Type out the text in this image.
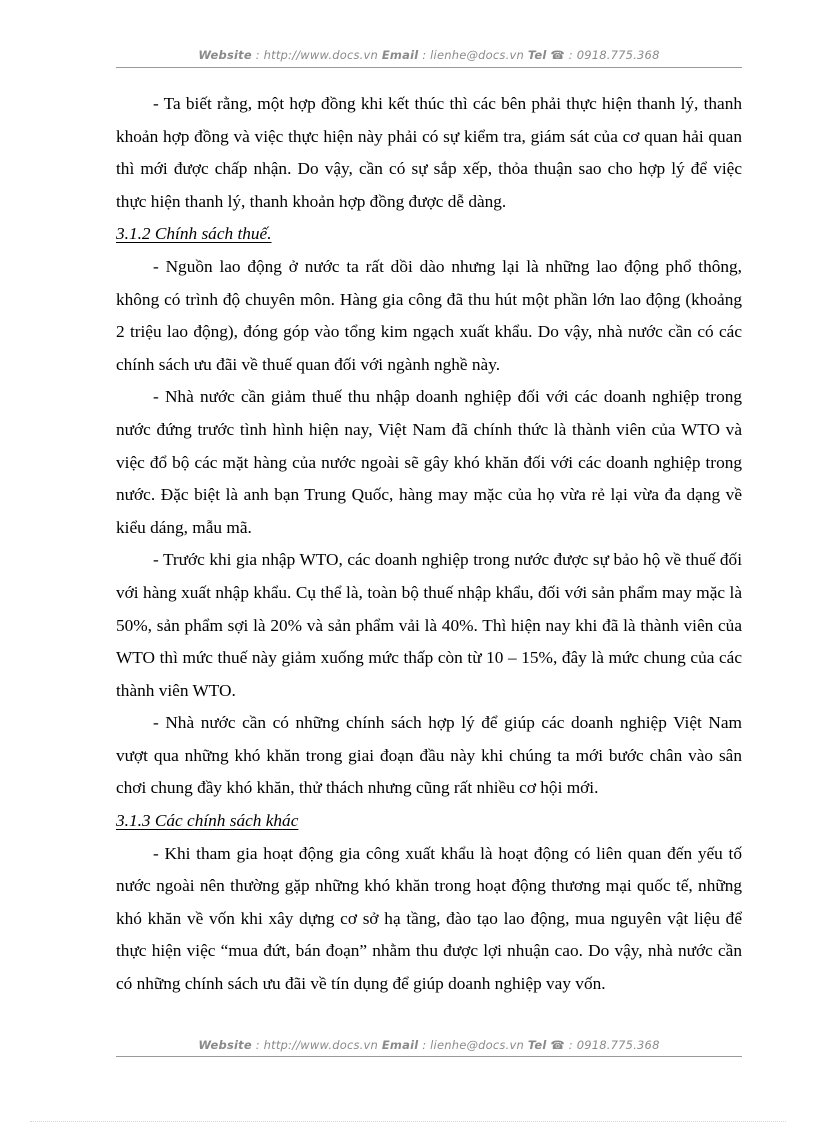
Website : http://www.docs.vn Email : lienhe@docs.vn Tel ☎ : 0918.775.368

- Ta biết rằng, một hợp đồng khi kết thúc thì các bên phải thực hiện thanh lý, thanh khoản hợp đồng và việc thực hiện này phải có sự kiểm tra, giám sát của cơ quan hải quan thì mới được chấp nhận. Do vậy, cần có sự sắp xếp, thỏa thuận sao cho hợp lý để việc thực hiện thanh lý, thanh khoản hợp đồng được dễ dàng.

3.1.2 Chính sách thuế.

- Nguồn lao động ở nước ta rất dồi dào nhưng lại là những lao động phổ thông, không có trình độ chuyên môn. Hàng gia công đã thu hút một phần lớn lao động (khoảng 2 triệu lao động), đóng góp vào tổng kim ngạch xuất khẩu. Do vậy, nhà nước cần có các chính sách ưu đãi về thuế quan đối với ngành nghề này.

- Nhà nước cần giảm thuế thu nhập doanh nghiệp đối với các doanh nghiệp trong nước đứng trước tình hình hiện nay, Việt Nam đã chính thức là thành viên của WTO và việc đổ bộ các mặt hàng của nước ngoài sẽ gây khó khăn đối với các doanh nghiệp trong nước. Đặc biệt là anh bạn Trung Quốc, hàng may mặc của họ vừa rẻ lại vừa đa dạng về kiểu dáng, mẫu mã.

- Trước khi gia nhập WTO, các doanh nghiệp trong nước được sự bảo hộ về thuế đối với hàng xuất nhập khẩu. Cụ thể là, toàn bộ thuế nhập khẩu, đối với sản phẩm may mặc là 50%, sản phẩm sợi là 20% và sản phẩm vải là 40%. Thì hiện nay khi đã là thành viên của WTO thì mức thuế này giảm xuống mức thấp còn từ 10 – 15%, đây là mức chung của các thành viên WTO.

- Nhà nước cần có những chính sách hợp lý để giúp các doanh nghiệp Việt Nam vượt qua những khó khăn trong giai đoạn đầu này khi chúng ta mới bước chân vào sân chơi chung đầy khó khăn, thử thách nhưng cũng rất nhiều cơ hội mới.

3.1.3 Các chính sách khác

- Khi tham gia hoạt động gia công xuất khẩu là hoạt động có liên quan đến yếu tố nước ngoài nên thường gặp những khó khăn trong hoạt động thương mại quốc tế, những khó khăn về vốn khi xây dựng cơ sở hạ tầng, đào tạo lao động, mua nguyên vật liệu để thực hiện việc “mua đứt, bán đoạn” nhằm thu được lợi nhuận cao. Do vậy, nhà nước cần có những chính sách ưu đãi về tín dụng để giúp doanh nghiệp vay vốn.

Website : http://www.docs.vn Email : lienhe@docs.vn Tel ☎ : 0918.775.368
